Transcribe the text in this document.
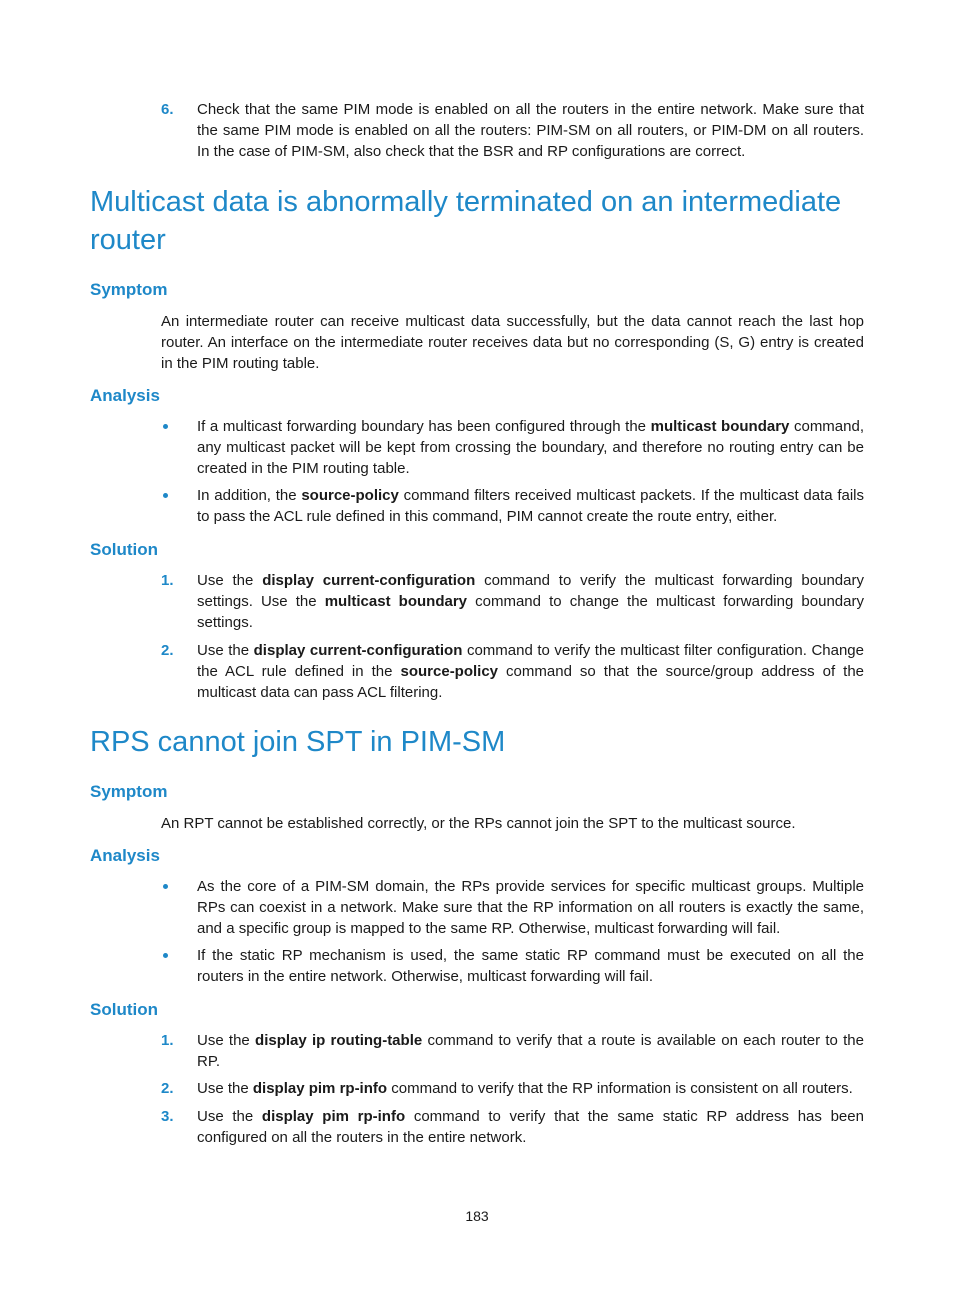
6.	Check that the same PIM mode is enabled on all the routers in the entire network. Make sure that the same PIM mode is enabled on all the routers: PIM-SM on all routers, or PIM-DM on all routers. In the case of PIM-SM, also check that the BSR and RP configurations are correct.
Multicast data is abnormally terminated on an intermediate router
Symptom
An intermediate router can receive multicast data successfully, but the data cannot reach the last hop router. An interface on the intermediate router receives data but no corresponding (S, G) entry is created in the PIM routing table.
Analysis
If a multicast forwarding boundary has been configured through the multicast boundary command, any multicast packet will be kept from crossing the boundary, and therefore no routing entry can be created in the PIM routing table.
In addition, the source-policy command filters received multicast packets. If the multicast data fails to pass the ACL rule defined in this command, PIM cannot create the route entry, either.
Solution
1.	Use the display current-configuration command to verify the multicast forwarding boundary settings. Use the multicast boundary command to change the multicast forwarding boundary settings.
2.	Use the display current-configuration command to verify the multicast filter configuration. Change the ACL rule defined in the source-policy command so that the source/group address of the multicast data can pass ACL filtering.
RPS cannot join SPT in PIM-SM
Symptom
An RPT cannot be established correctly, or the RPs cannot join the SPT to the multicast source.
Analysis
As the core of a PIM-SM domain, the RPs provide services for specific multicast groups. Multiple RPs can coexist in a network. Make sure that the RP information on all routers is exactly the same, and a specific group is mapped to the same RP. Otherwise, multicast forwarding will fail.
If the static RP mechanism is used, the same static RP command must be executed on all the routers in the entire network. Otherwise, multicast forwarding will fail.
Solution
1.	Use the display ip routing-table command to verify that a route is available on each router to the RP.
2.	Use the display pim rp-info command to verify that the RP information is consistent on all routers.
3.	Use the display pim rp-info command to verify that the same static RP address has been configured on all the routers in the entire network.
183
